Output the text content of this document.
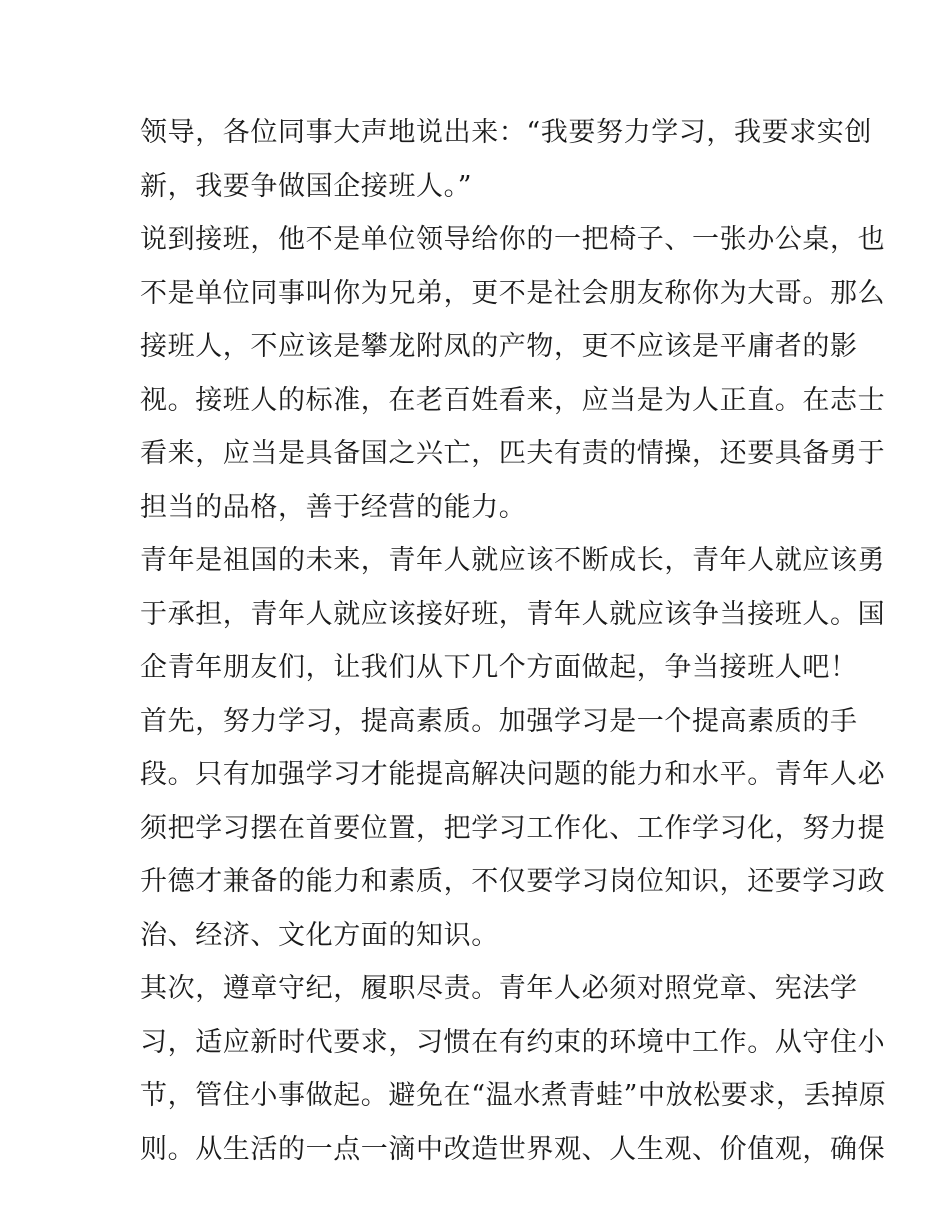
领导，各位同事大声地说出来：“我要努力学习，我要求实创
新，我要争做国企接班人。”
说到接班，他不是单位领导给你的一把椅子、一张办公桌，也
不是单位同事叫你为兄弟，更不是社会朋友称你为大哥。那么
接班人，不应该是攀龙附凤的产物，更不应该是平庸者的影
视。接班人的标准，在老百姓看来，应当是为人正直。在志士
看来，应当是具备国之兴亡，匹夫有责的情操，还要具备勇于
担当的品格，善于经营的能力。
青年是祖国的未来，青年人就应该不断成长，青年人就应该勇
于承担，青年人就应该接好班，青年人就应该争当接班人。国
企青年朋友们，让我们从下几个方面做起，争当接班人吧！
首先，努力学习，提高素质。加强学习是一个提高素质的手
段。只有加强学习才能提高解决问题的能力和水平。青年人必
须把学习摆在首要位置，把学习工作化、工作学习化，努力提
升德才兼备的能力和素质，不仅要学习岗位知识，还要学习政
治、经济、文化方面的知识。
其次，遵章守纪，履职尽责。青年人必须对照党章、宪法学
习，适应新时代要求，习惯在有约束的环境中工作。从守住小
节，管住小事做起。避免在“温水煮青蛙”中放松要求，丢掉原
则。从生活的一点一滴中改造世界观、人生观、价值观，确保
